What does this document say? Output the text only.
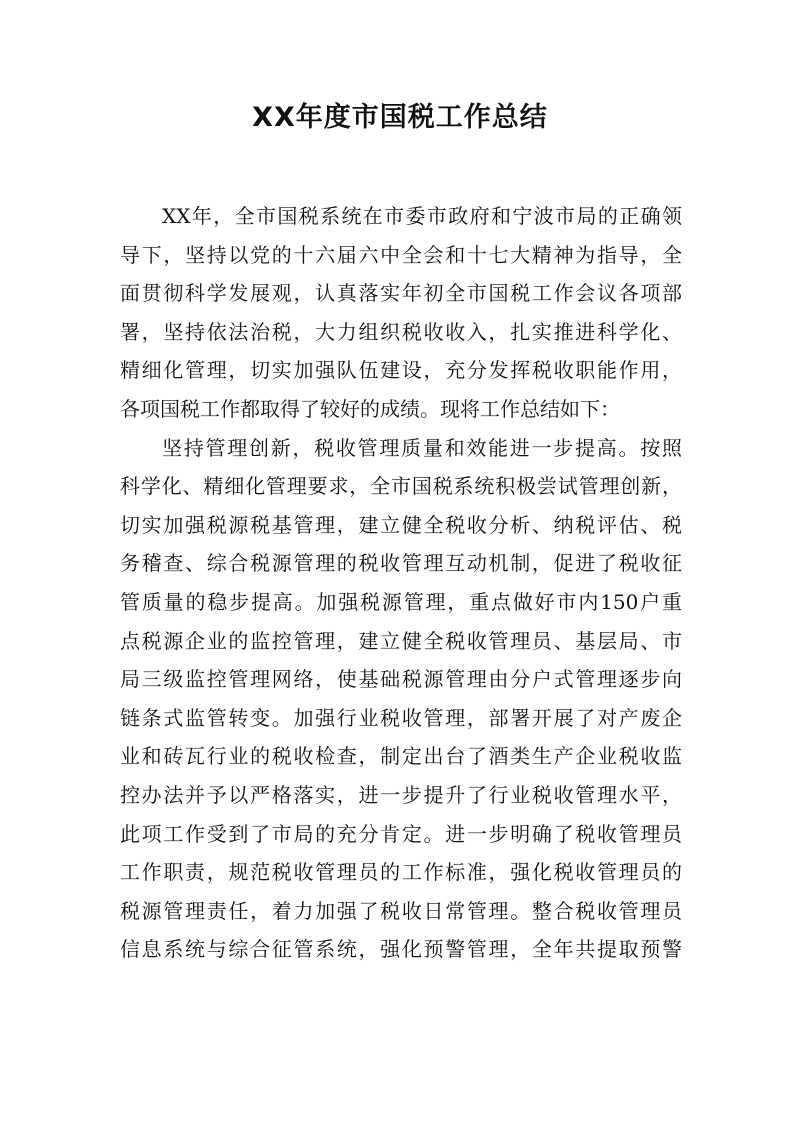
XX年度市国税工作总结
XX年，全市国税系统在市委市政府和宁波市局的正确领
导下，坚持以党的十六届六中全会和十七大精神为指导，全
面贯彻科学发展观，认真落实年初全市国税工作会议各项部
署，坚持依法治税，大力组织税收收入，扎实推进科学化、
精细化管理，切实加强队伍建设，充分发挥税收职能作用，
各项国税工作都取得了较好的成绩。现将工作总结如下：
坚持管理创新，税收管理质量和效能进一步提高。按照
科学化、精细化管理要求，全市国税系统积极尝试管理创新，
切实加强税源税基管理，建立健全税收分析、纳税评估、税
务稽查、综合税源管理的税收管理互动机制，促进了税收征
管质量的稳步提高。加强税源管理，重点做好市内150户重
点税源企业的监控管理，建立健全税收管理员、基层局、市
局三级监控管理网络，使基础税源管理由分户式管理逐步向
链条式监管转变。加强行业税收管理，部署开展了对产废企
业和砖瓦行业的税收检查，制定出台了酒类生产企业税收监
控办法并予以严格落实，进一步提升了行业税收管理水平，
此项工作受到了市局的充分肯定。进一步明确了税收管理员
工作职责，规范税收管理员的工作标准，强化税收管理员的
税源管理责任，着力加强了税收日常管理。整合税收管理员
信息系统与综合征管系统，强化预警管理，全年共提取预警
